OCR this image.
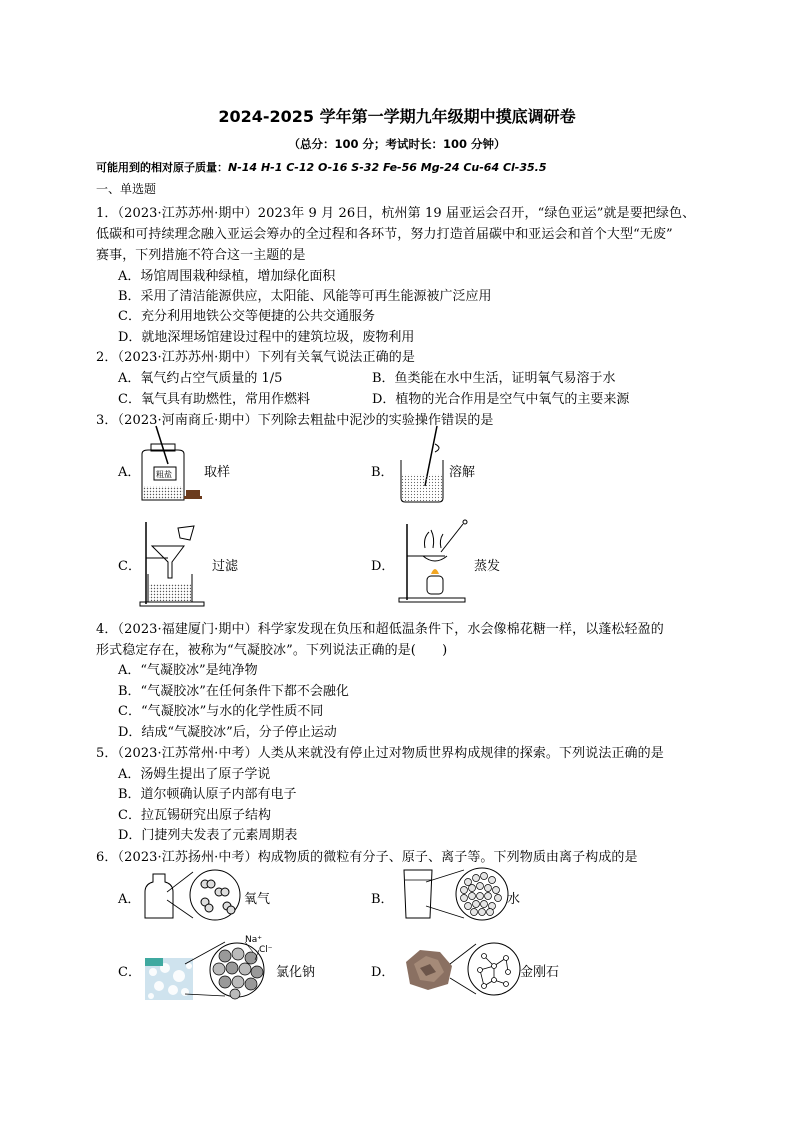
2024-2025 学年第一学期九年级期中摸底调研卷
（总分：100 分；考试时长：100 分钟）
可能用到的相对原子质量：N-14 H-1 C-12 O-16 S-32 Fe-56 Mg-24 Cu-64 Cl-35.5
一、单选题
1．（2023·江苏苏州·期中）2023年 9 月 26日，杭州第 19 届亚运会召开，“绿色亚运”就是要把绿色、
低碳和可持续理念融入亚运会筹办的全过程和各环节，努力打造首届碳中和亚运会和首个大型“无废”
赛事，下列措施不符合这一主题的是
A．场馆周围栽种绿植，增加绿化面积
B．采用了清洁能源供应，太阳能、风能等可再生能源被广泛应用
C．充分利用地铁公交等便捷的公共交通服务
D．就地深埋场馆建设过程中的建筑垃圾，废物利用
2．（2023·江苏苏州·期中）下列有关氧气说法正确的是
A．氧气约占空气质量的 1/5	B．鱼类能在水中生活，证明氧气易溶于水
C．氧气具有助燃性，常用作燃料	D．植物的光合作用是空气中氧气的主要来源
3．（2023·河南商丘·期中）下列除去粗盐中泥沙的实验操作错误的是
A． 粗盐 取样	B．	溶解
C．	过滤	D．	蒸发
4．（2023·福建厦门·期中）科学家发现在负压和超低温条件下，水会像棉花糖一样，以蓬松轻盈的
形式稳定存在，被称为“气凝胶冰”。下列说法正确的是(　　)
A．“气凝胶冰”是纯净物
B．“气凝胶冰”在任何条件下都不会融化
C．“气凝胶冰”与水的化学性质不同
D．结成“气凝胶冰”后，分子停止运动
5．（2023·江苏常州·中考）人类从来就没有停止过对物质世界构成规律的探索。下列说法正确的是
A．汤姆生提出了原子学说
B．道尔顿确认原子内部有电子
C．拉瓦锡研究出原子结构
D．门捷列夫发表了元素周期表
6．（2023·江苏扬州·中考）构成物质的微粒有分子、原子、离子等。下列物质由离子构成的是
A．	氧气	B．	水
C．
Na⁺
Cl⁻
氯化钠	D．	金刚石
